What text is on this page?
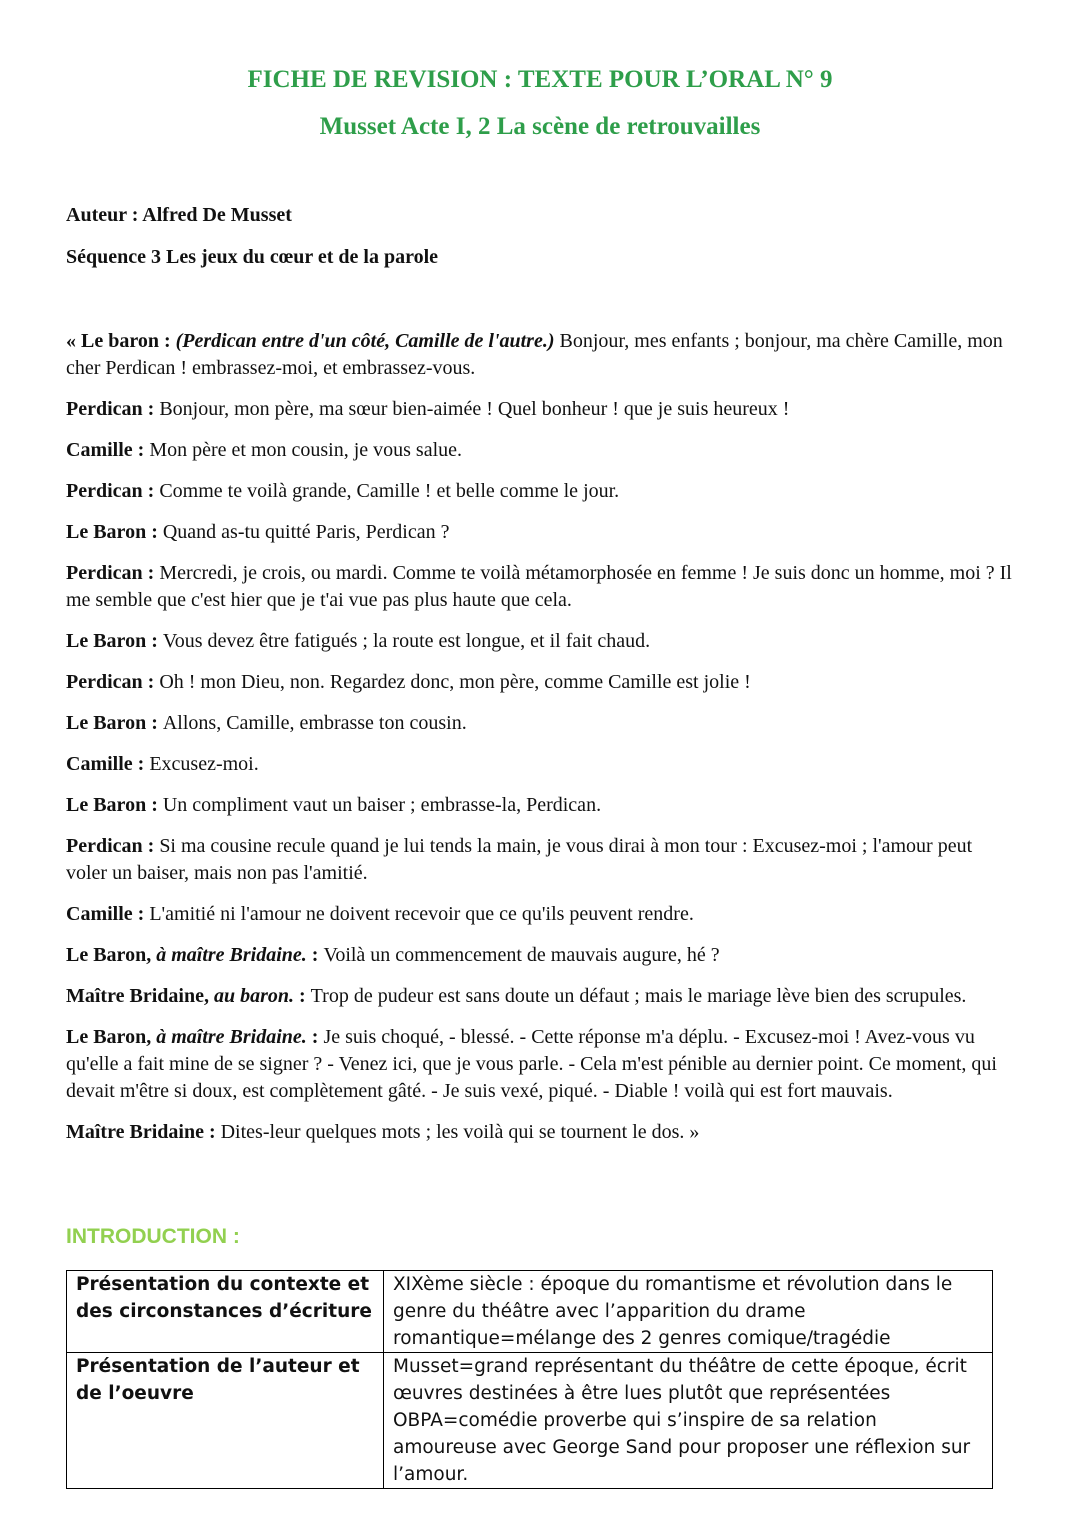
FICHE DE REVISION : TEXTE POUR L’ORAL N° 9
Musset Acte I, 2 La scène de retrouvailles

Auteur : Alfred De Musset

Séquence 3 Les jeux du cœur et de la parole

« Le baron : (Perdican entre d'un côté, Camille de l'autre.) Bonjour, mes enfants ; bonjour, ma chère Camille, mon cher Perdican ! embrassez-moi, et embrassez-vous.

Perdican : Bonjour, mon père, ma sœur bien-aimée ! Quel bonheur ! que je suis heureux !

Camille : Mon père et mon cousin, je vous salue.

Perdican : Comme te voilà grande, Camille ! et belle comme le jour.

Le Baron : Quand as-tu quitté Paris, Perdican ?

Perdican : Mercredi, je crois, ou mardi. Comme te voilà métamorphosée en femme ! Je suis donc un homme, moi ? Il me semble que c'est hier que je t'ai vue pas plus haute que cela.

Le Baron : Vous devez être fatigués ; la route est longue, et il fait chaud.

Perdican : Oh ! mon Dieu, non. Regardez donc, mon père, comme Camille est jolie !

Le Baron : Allons, Camille, embrasse ton cousin.

Camille : Excusez-moi.

Le Baron : Un compliment vaut un baiser ; embrasse-la, Perdican.

Perdican : Si ma cousine recule quand je lui tends la main, je vous dirai à mon tour : Excusez-moi ; l'amour peut voler un baiser, mais non pas l'amitié.

Camille : L'amitié ni l'amour ne doivent recevoir que ce qu'ils peuvent rendre.

Le Baron, à maître Bridaine. : Voilà un commencement de mauvais augure, hé ?

Maître Bridaine, au baron. : Trop de pudeur est sans doute un défaut ; mais le mariage lève bien des scrupules.

Le Baron, à maître Bridaine. : Je suis choqué, - blessé. - Cette réponse m'a déplu. - Excusez-moi ! Avez-vous vu qu'elle a fait mine de se signer ? - Venez ici, que je vous parle. - Cela m'est pénible au dernier point. Ce moment, qui devait m'être si doux, est complètement gâté. - Je suis vexé, piqué. - Diable ! voilà qui est fort mauvais.

Maître Bridaine : Dites-leur quelques mots ; les voilà qui se tournent le dos. »

INTRODUCTION :
Présentation du contexte et des circonstances d’écriture	XIXème siècle : époque du romantisme et révolution dans le genre du théâtre avec l’apparition du drame romantique=mélange des 2 genres comique/tragédie
Présentation de l’auteur et de l’oeuvre	Musset=grand représentant du théâtre de cette époque, écrit œuvres destinées à être lues plutôt que représentées OBPA=comédie proverbe qui s’inspire de sa relation amoureuse avec George Sand pour proposer une réflexion sur l’amour.
